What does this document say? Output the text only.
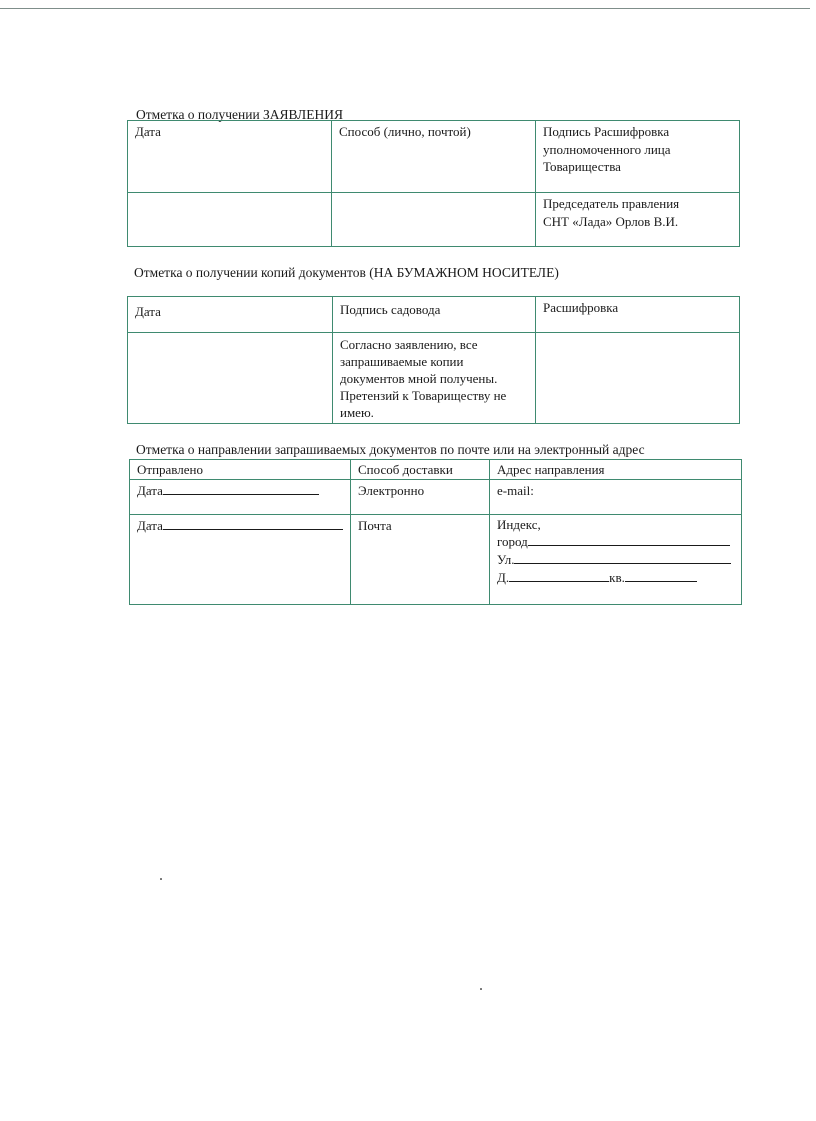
Отметка о получении ЗАЯВЛЕНИЯ
Дата	Способ (лично, почтой)	Подпись Расшифровка уполномоченного лица Товарищества

		Председатель правления
СНТ «Лада» Орлов В.И.
Отметка о получении копий документов (НА БУМАЖНОМ НОСИТЕЛЕ)
Дата	Подпись садовода	Расшифровка
	Согласно заявлению, все запрашиваемые копии документов мной получены. Претензий к Товариществу не имею.	
Отметка о направлении запрашиваемых документов по почте или на электронный адрес
Отправлено	Способ доставки	Адрес направления
Дата	Электронно	e-mail:
Дата	Почта	Индекс,
город
Ул.
Д. кв.
